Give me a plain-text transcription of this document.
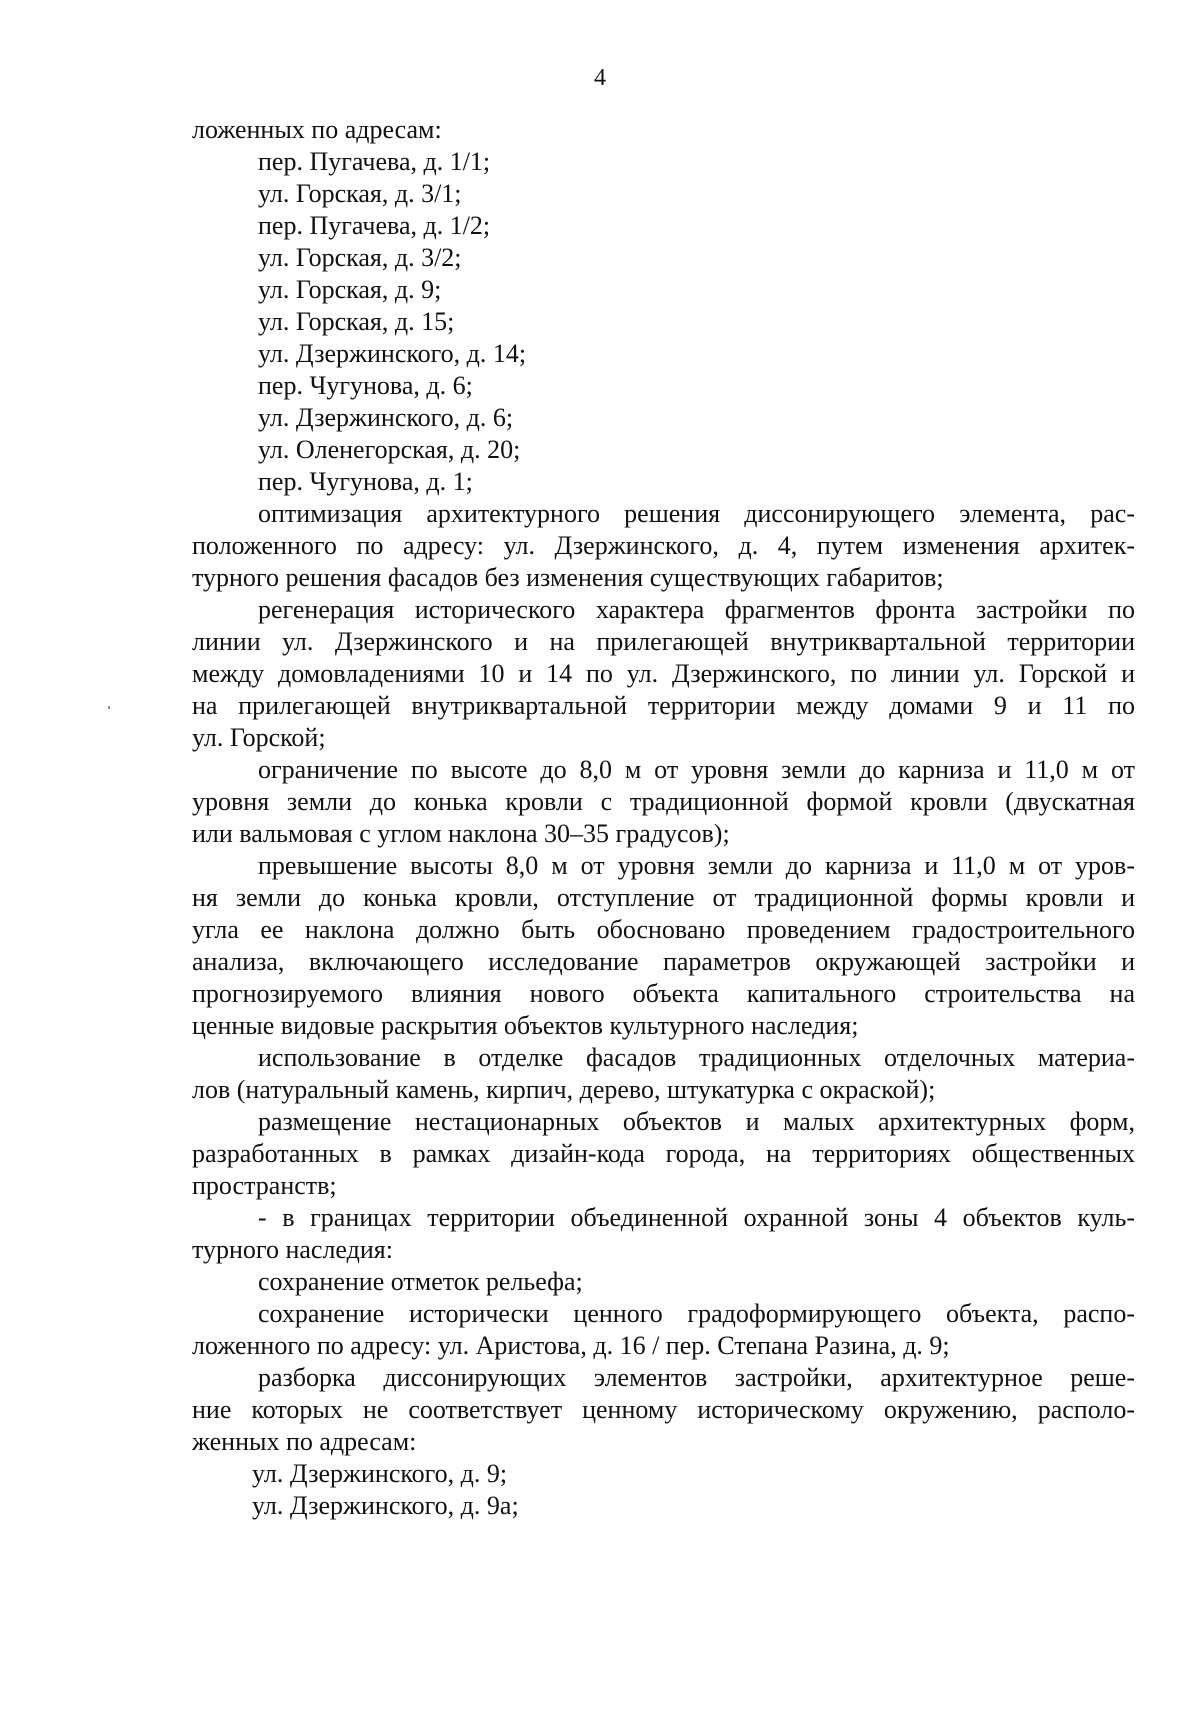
4
ложенных по адресам:
пер. Пугачева, д. 1/1;
ул. Горская, д. 3/1;
пер. Пугачева, д. 1/2;
ул. Горская, д. 3/2;
ул. Горская, д. 9;
ул. Горская, д. 15;
ул. Дзержинского, д. 14;
пер. Чугунова, д. 6;
ул. Дзержинского, д. 6;
ул. Оленегорская, д. 20;
пер. Чугунова, д. 1;
оптимизация архитектурного решения диссонирующего элемента, рас-
положенного по адресу: ул. Дзержинского, д. 4, путем изменения архитек-
турного решения фасадов без изменения существующих габаритов;
регенерация исторического характера фрагментов фронта застройки по
линии ул. Дзержинского и на прилегающей внутриквартальной территории
между домовладениями 10 и 14 по ул. Дзержинского, по линии ул. Горской и
на прилегающей внутриквартальной территории между домами 9 и 11 по
ул. Горской;
ограничение по высоте до 8,0 м от уровня земли до карниза и 11,0 м от
уровня земли до конька кровли с традиционной формой кровли (двускатная
или вальмовая с углом наклона 30–35 градусов);
превышение высоты 8,0 м от уровня земли до карниза и 11,0 м от уров-
ня земли до конька кровли, отступление от традиционной формы кровли и
угла ее наклона должно быть обосновано проведением градостроительного
анализа, включающего исследование параметров окружающей застройки и
прогнозируемого влияния нового объекта капитального строительства на
ценные видовые раскрытия объектов культурного наследия;
использование в отделке фасадов традиционных отделочных материа-
лов (натуральный камень, кирпич, дерево, штукатурка с окраской);
размещение нестационарных объектов и малых архитектурных форм,
разработанных в рамках дизайн-кода города, на территориях общественных
пространств;
- в границах территории объединенной охранной зоны 4 объектов куль-
турного наследия:
сохранение отметок рельефа;
сохранение исторически ценного градоформирующего объекта, распо-
ложенного по адресу: ул. Аристова, д. 16 / пер. Степана Разина, д. 9;
разборка диссонирующих элементов застройки, архитектурное реше-
ние которых не соответствует ценному историческому окружению, располо-
женных по адресам:
ул. Дзержинского, д. 9;
ул. Дзержинского, д. 9а;
